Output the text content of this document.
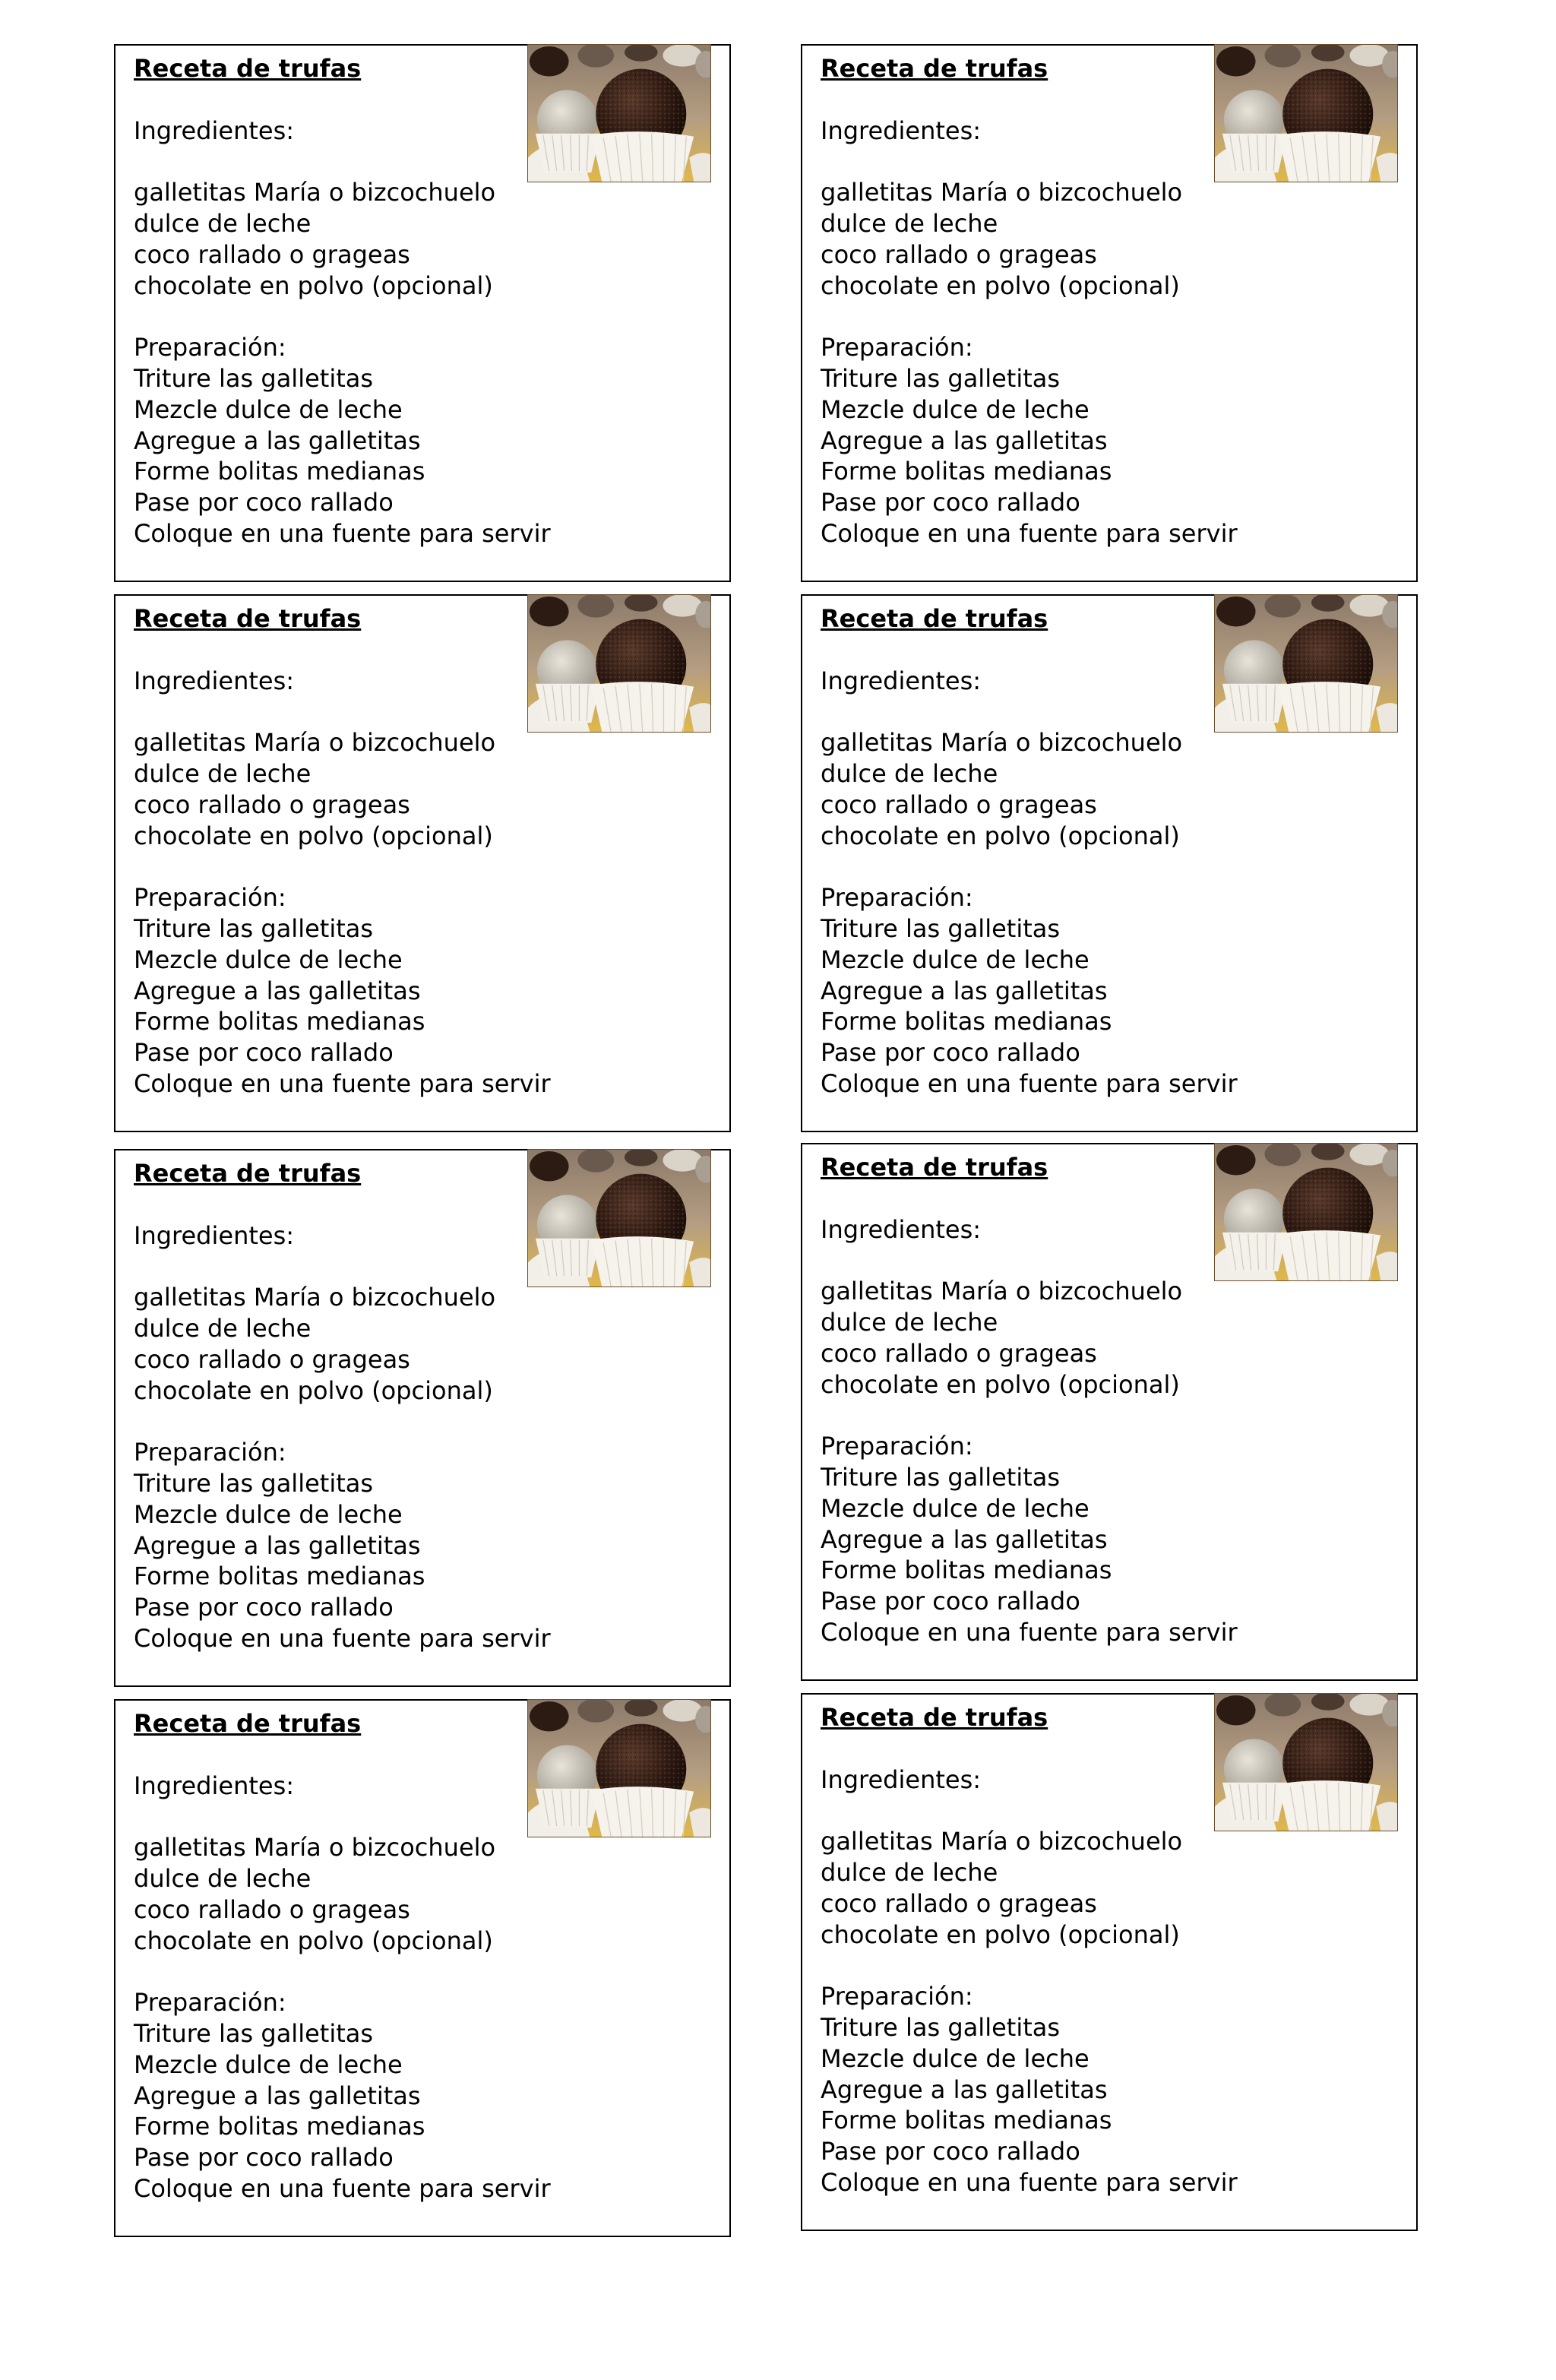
Receta de trufas
Ingredientes:
galletitas María o bizcochuelo
dulce de leche
coco rallado o grageas
chocolate en polvo (opcional)
Preparación:
Triture las galletitas
Mezcle dulce de leche
Agregue a las galletitas
Forme bolitas medianas
Pase por coco rallado
Coloque en una fuente para servir
Receta de trufas
Ingredientes:
galletitas María o bizcochuelo
dulce de leche
coco rallado o grageas
chocolate en polvo (opcional)
Preparación:
Triture las galletitas
Mezcle dulce de leche
Agregue a las galletitas
Forme bolitas medianas
Pase por coco rallado
Coloque en una fuente para servir
Receta de trufas
Ingredientes:
galletitas María o bizcochuelo
dulce de leche
coco rallado o grageas
chocolate en polvo (opcional)
Preparación:
Triture las galletitas
Mezcle dulce de leche
Agregue a las galletitas
Forme bolitas medianas
Pase por coco rallado
Coloque en una fuente para servir
Receta de trufas
Ingredientes:
galletitas María o bizcochuelo
dulce de leche
coco rallado o grageas
chocolate en polvo (opcional)
Preparación:
Triture las galletitas
Mezcle dulce de leche
Agregue a las galletitas
Forme bolitas medianas
Pase por coco rallado
Coloque en una fuente para servir
Receta de trufas
Ingredientes:
galletitas María o bizcochuelo
dulce de leche
coco rallado o grageas
chocolate en polvo (opcional)
Preparación:
Triture las galletitas
Mezcle dulce de leche
Agregue a las galletitas
Forme bolitas medianas
Pase por coco rallado
Coloque en una fuente para servir
Receta de trufas
Ingredientes:
galletitas María o bizcochuelo
dulce de leche
coco rallado o grageas
chocolate en polvo (opcional)
Preparación:
Triture las galletitas
Mezcle dulce de leche
Agregue a las galletitas
Forme bolitas medianas
Pase por coco rallado
Coloque en una fuente para servir
Receta de trufas
Ingredientes:
galletitas María o bizcochuelo
dulce de leche
coco rallado o grageas
chocolate en polvo (opcional)
Preparación:
Triture las galletitas
Mezcle dulce de leche
Agregue a las galletitas
Forme bolitas medianas
Pase por coco rallado
Coloque en una fuente para servir
Receta de trufas
Ingredientes:
galletitas María o bizcochuelo
dulce de leche
coco rallado o grageas
chocolate en polvo (opcional)
Preparación:
Triture las galletitas
Mezcle dulce de leche
Agregue a las galletitas
Forme bolitas medianas
Pase por coco rallado
Coloque en una fuente para servir
